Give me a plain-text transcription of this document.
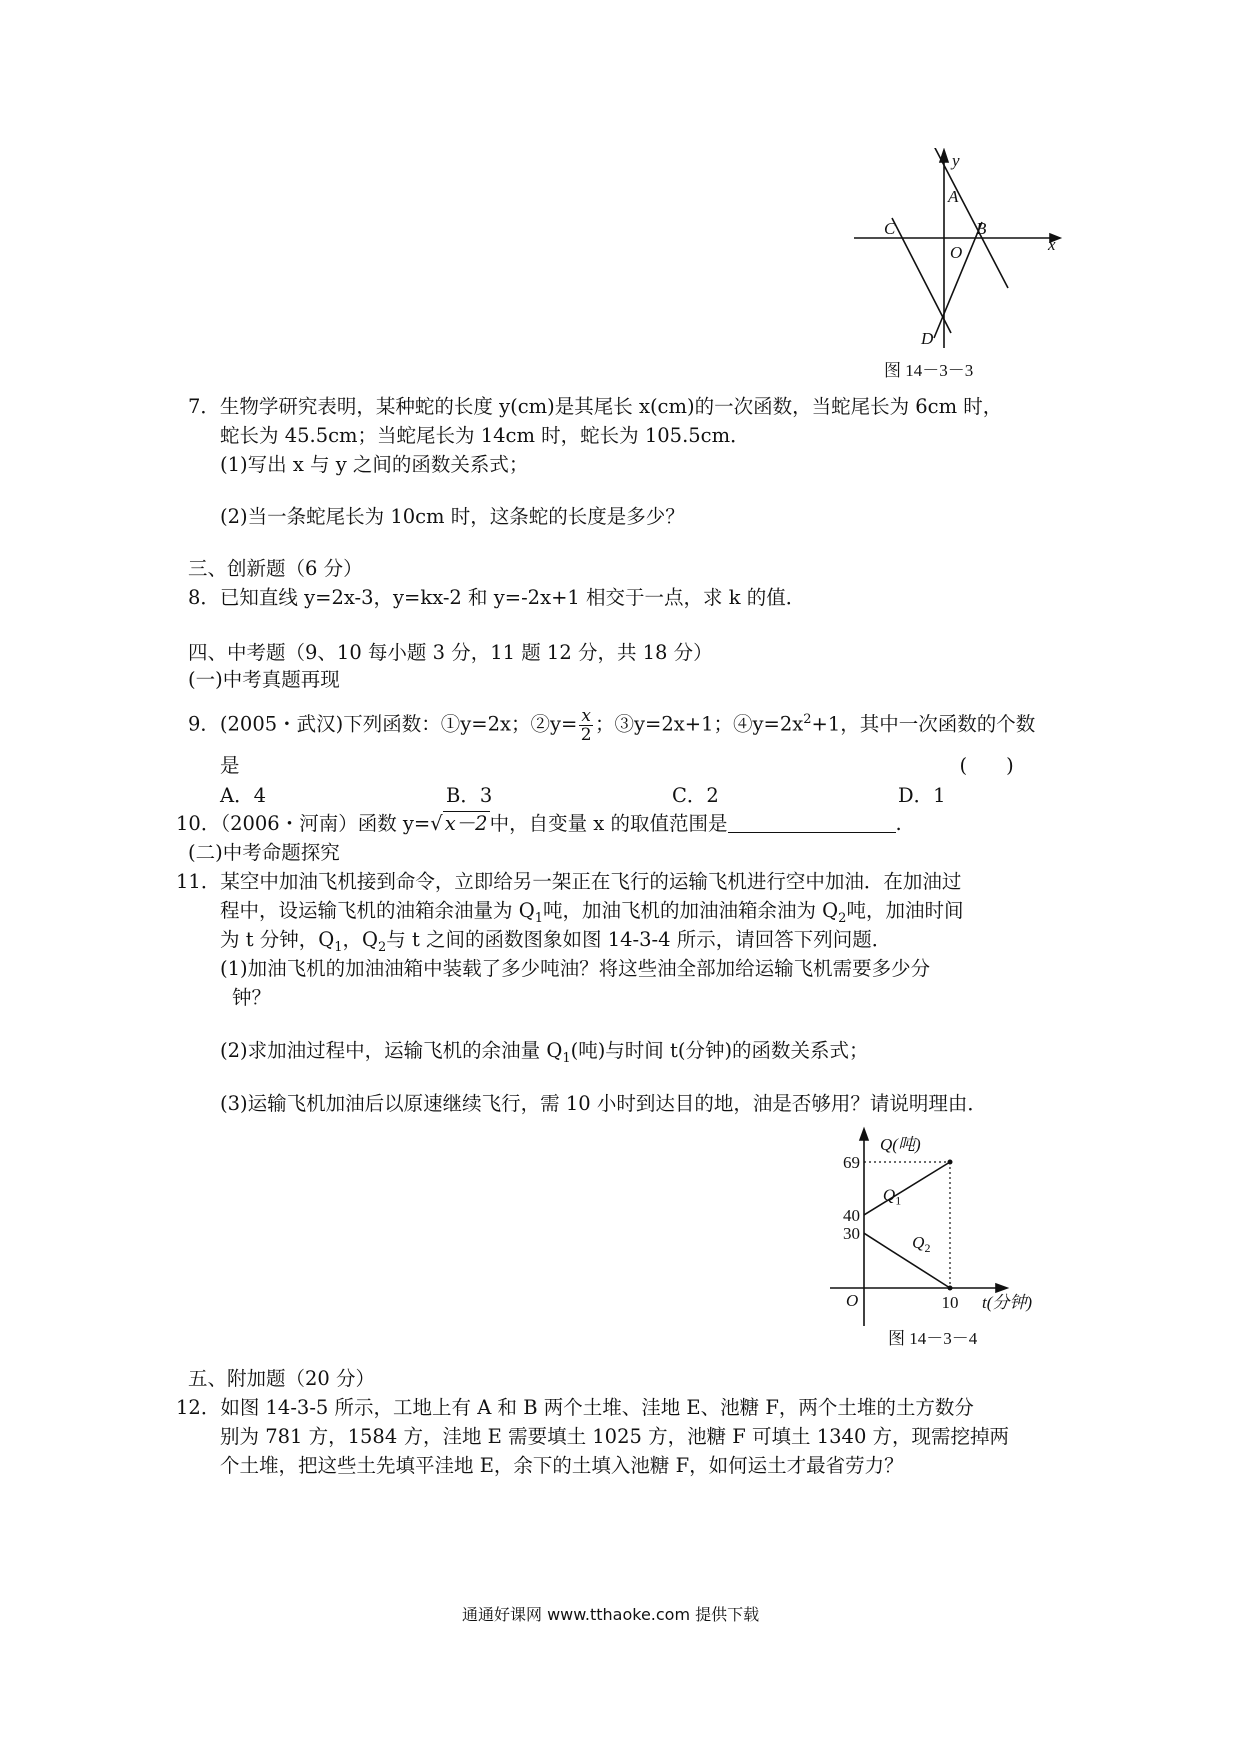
y
A
C	B
x
O
D
图 14－3－3
7．生物学研究表明，某种蛇的长度 y(cm)是其尾长 x(cm)的一次函数，当蛇尾长为 6cm 时，
蛇长为 45.5cm；当蛇尾长为 14cm 时，蛇长为 105.5cm．
(1)写出 x 与 y 之间的函数关系式；
(2)当一条蛇尾长为 10cm 时，这条蛇的长度是多少？
三、创新题（6 分）
8．已知直线 y=2x-3，y=kx-2 和 y=-2x+1 相交于一点，求 k 的值．
四、中考题（9、10 每小题 3 分，11 题 12 分，共 18 分）
(一)中考真题再现
9．(2005・武汉)下列函数：①y=2x；②y= $\frac{x}{2}$ ；③y=2x+1；$④y=2x^2+1$，其中一次函数的个数
是	(　　)
A．4	B．3	C．2	D．1
10．（2006・河南）函数 y=√ x－2 中，自变量 x 的取值范围是	.
(二)中考命题探究
11．某空中加油飞机接到命令，立即给另一架正在飞行的运输飞机进行空中加油．在加油过
程中，设运输飞机的油箱余油量为 $Q_1$吨，加油飞机的加油油箱余油为 $Q_2$吨，加油时间
为 t 分钟，$Q_1$，$Q_2$与 t 之间的函数图象如图 14-3-4 所示，请回答下列问题．
(1)加油飞机的加油油箱中装载了多少吨油？将这些油全部加给运输飞机需要多少分
钟？
(2)求加油过程中，运输飞机的余油量 $Q_1$(吨)与时间 t(分钟)的函数关系式；
(3)运输飞机加油后以原速继续飞行，需 10 小时到达目的地，油是否够用？请说明理由．
$Q_1$
$Q_2$
30
40
69
10
Q(吨)
t(分钟)
O
图 14－3－4
五、附加题（20 分）
12．如图 14-3-5 所示，工地上有 A 和 B 两个土堆、洼地 E、池糖 F，两个土堆的土方数分
别为 781 方，1584 方，洼地 E 需要填土 1025 方，池糖 F 可填土 1340 方，现需挖掉两
个土堆，把这些土先填平洼地 E，余下的土填入池糖 F，如何运土才最省劳力？
通通好课网 www.tthaoke.com 提供下载
